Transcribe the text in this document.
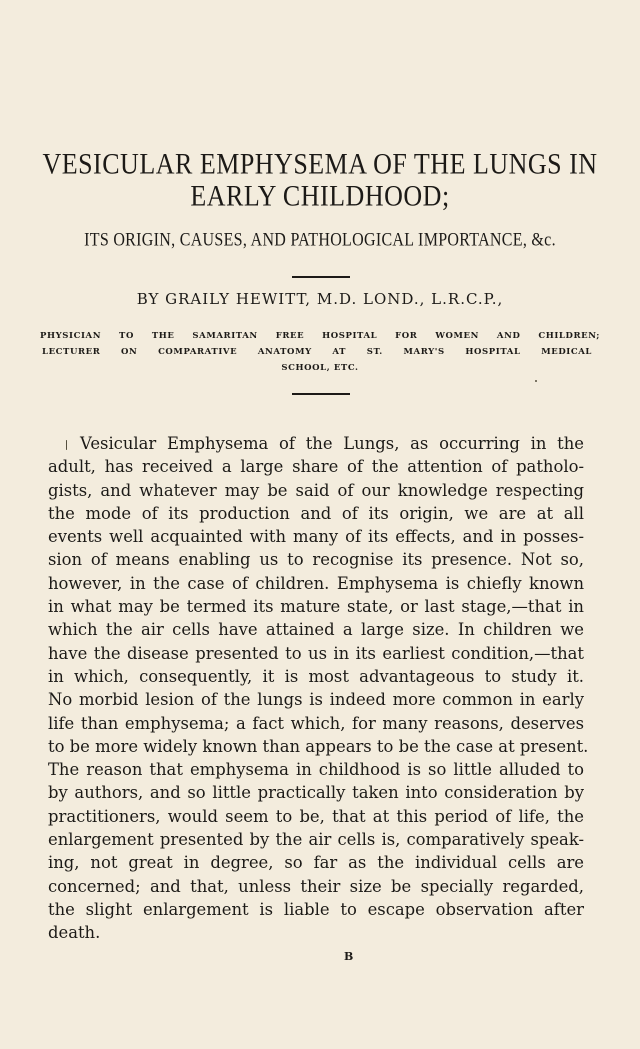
VESICULAR EMPHYSEMA OF THE LUNGS IN
EARLY CHILDHOOD;
ITS ORIGIN, CAUSES, AND PATHOLOGICAL IMPORTANCE, &c.
BY GRAILY HEWITT, M.D. LOND., L.R.C.P.,
PHYSICIAN TO THE SAMARITAN FREE HOSPITAL FOR WOMEN AND CHILDREN;
LECTURER ON COMPARATIVE ANATOMY AT ST. MARY'S HOSPITAL MEDICAL
SCHOOL, ETC.
Vesicular Emphysema of the Lungs, as occurring in the
adult, has received a large share of the attention of patholo-
gists, and whatever may be said of our knowledge respecting
the mode of its production and of its origin, we are at all
events well acquainted with many of its effects, and in posses-
sion of means enabling us to recognise its presence. Not so,
however, in the case of children. Emphysema is chiefly known
in what may be termed its mature state, or last stage,—that in
which the air cells have attained a large size. In children we
have the disease presented to us in its earliest condition,—that
in which, consequently, it is most advantageous to study it.
No morbid lesion of the lungs is indeed more common in early
life than emphysema; a fact which, for many reasons, deserves
to be more widely known than appears to be the case at present.
The reason that emphysema in childhood is so little alluded to
by authors, and so little practically taken into consideration by
practitioners, would seem to be, that at this period of life, the
enlargement presented by the air cells is, comparatively speak-
ing, not great in degree, so far as the individual cells are
concerned; and that, unless their size be specially regarded,
the slight enlargement is liable to escape observation after
death.
B
